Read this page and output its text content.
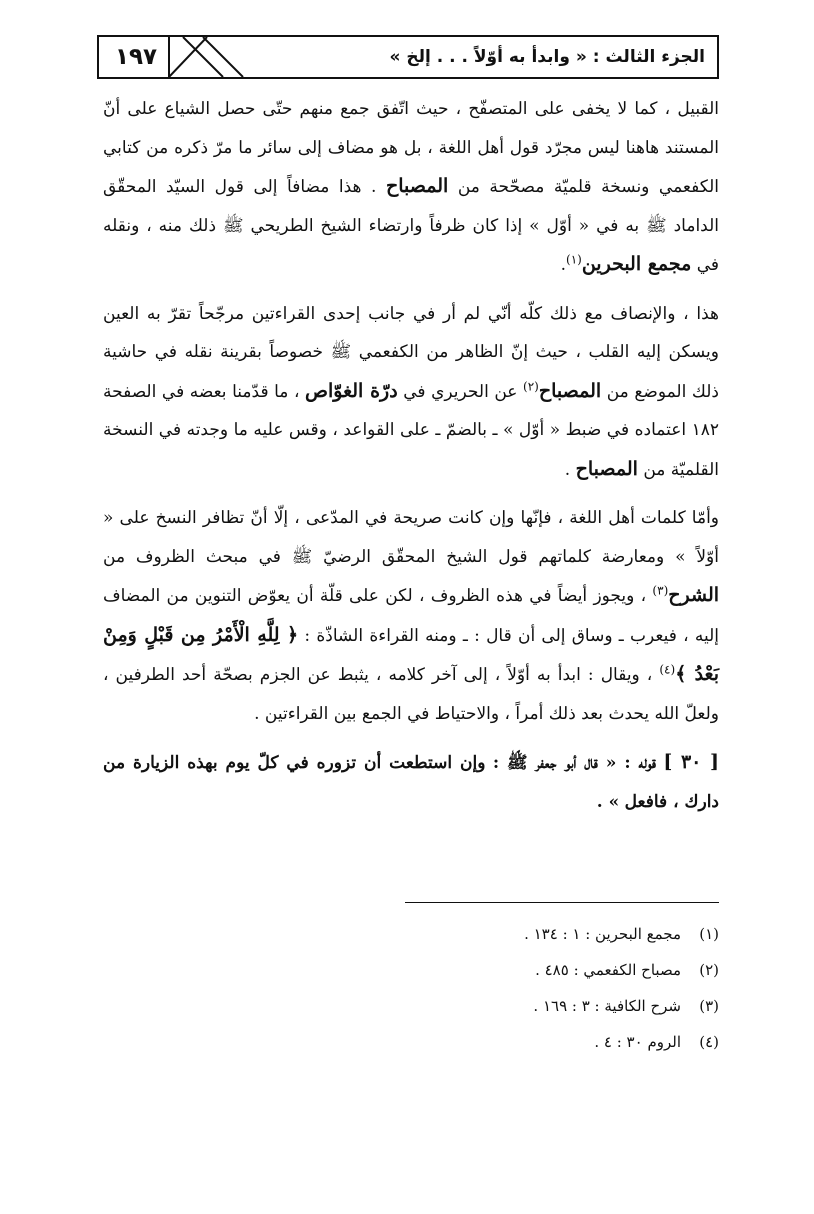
١٩٧	الجزء الثالث : « وابدأ به أوّلاً . . . إلخ »

القبيل ، كما لا يخفى على المتصفّح ، حيث اتّفق جمع منهم حتّى حصل الشياع على أنّ المستند هاهنا ليس مجرّد قول أهل اللغة ، بل هو مضاف إلى سائر ما مرّ ذكره من كتابي الكفعمي ونسخة قلميّة مصحّحة من المصباح . هذا مضافاً إلى قول السيّد المحقّق الداماد ﷺ به في « أوّل » إذا كان ظرفاً وارتضاء الشيخ الطريحي ﷺ ذلك منه ، ونقله في مجمع البحرين$^{(١)}$.

هذا ، والإنصاف مع ذلك كلّه أنّي لم أر في جانب إحدى القراءتين مرجّحاً تقرّ به العين ويسكن إليه القلب ، حيث إنّ الظاهر من الكفعمي ﷺ خصوصاً بقرينة نقله في حاشية ذلك الموضع من المصباح$^{(٢)}$ عن الحريري في درّة الغوّاص ، ما قدّمنا بعضه في الصفحة ١٨٢ اعتماده في ضبط « أوّل » ـ بالضمّ ـ على القواعد ، وقس عليه ما وجدته في النسخة القلميّة من المصباح .

وأمّا كلمات أهل اللغة ، فإنّها وإن كانت صريحة في المدّعى ، إلّا أنّ تظافر النسخ على « أوّلاً » ومعارضة كلماتهم قول الشيخ المحقّق الرضيّ ﷺ في مبحث الظروف من الشرح$^{(٣)}$ ، ويجوز أيضاً في هذه الظروف ، لكن على قلّة أن يعوّض التنوين من المضاف إليه ، فيعرب ـ وساق إلى أن قال : ـ ومنه القراءة الشاذّة : ﴿ لِلَّهِ الْأَمْرُ مِن قَبْلٍ وَمِنْ بَعْدُ ﴾$^{(٤)}$ ، ويقال : ابدأ به أوّلاً ، إلى آخر كلامه ، يثبط عن الجزم بصحّة أحد الطرفين ، ولعلّ الله يحدث بعد ذلك أمراً ، والاحتياط في الجمع بين القراءتين .

[ ٣٠ ] قوله : « قال أبو جعفر ﷺ : وإن استطعت أن تزوره في كلّ يوم بهذه الزيارة من دارك ، فافعل » .

(١)مجمع البحرين : ١ : ١٣٤ .
(٢)مصباح الكفعمي : ٤٨٥ .
(٣)شرح الكافية : ٣ : ١٦٩ .
(٤)الروم ٣٠ : ٤ .
